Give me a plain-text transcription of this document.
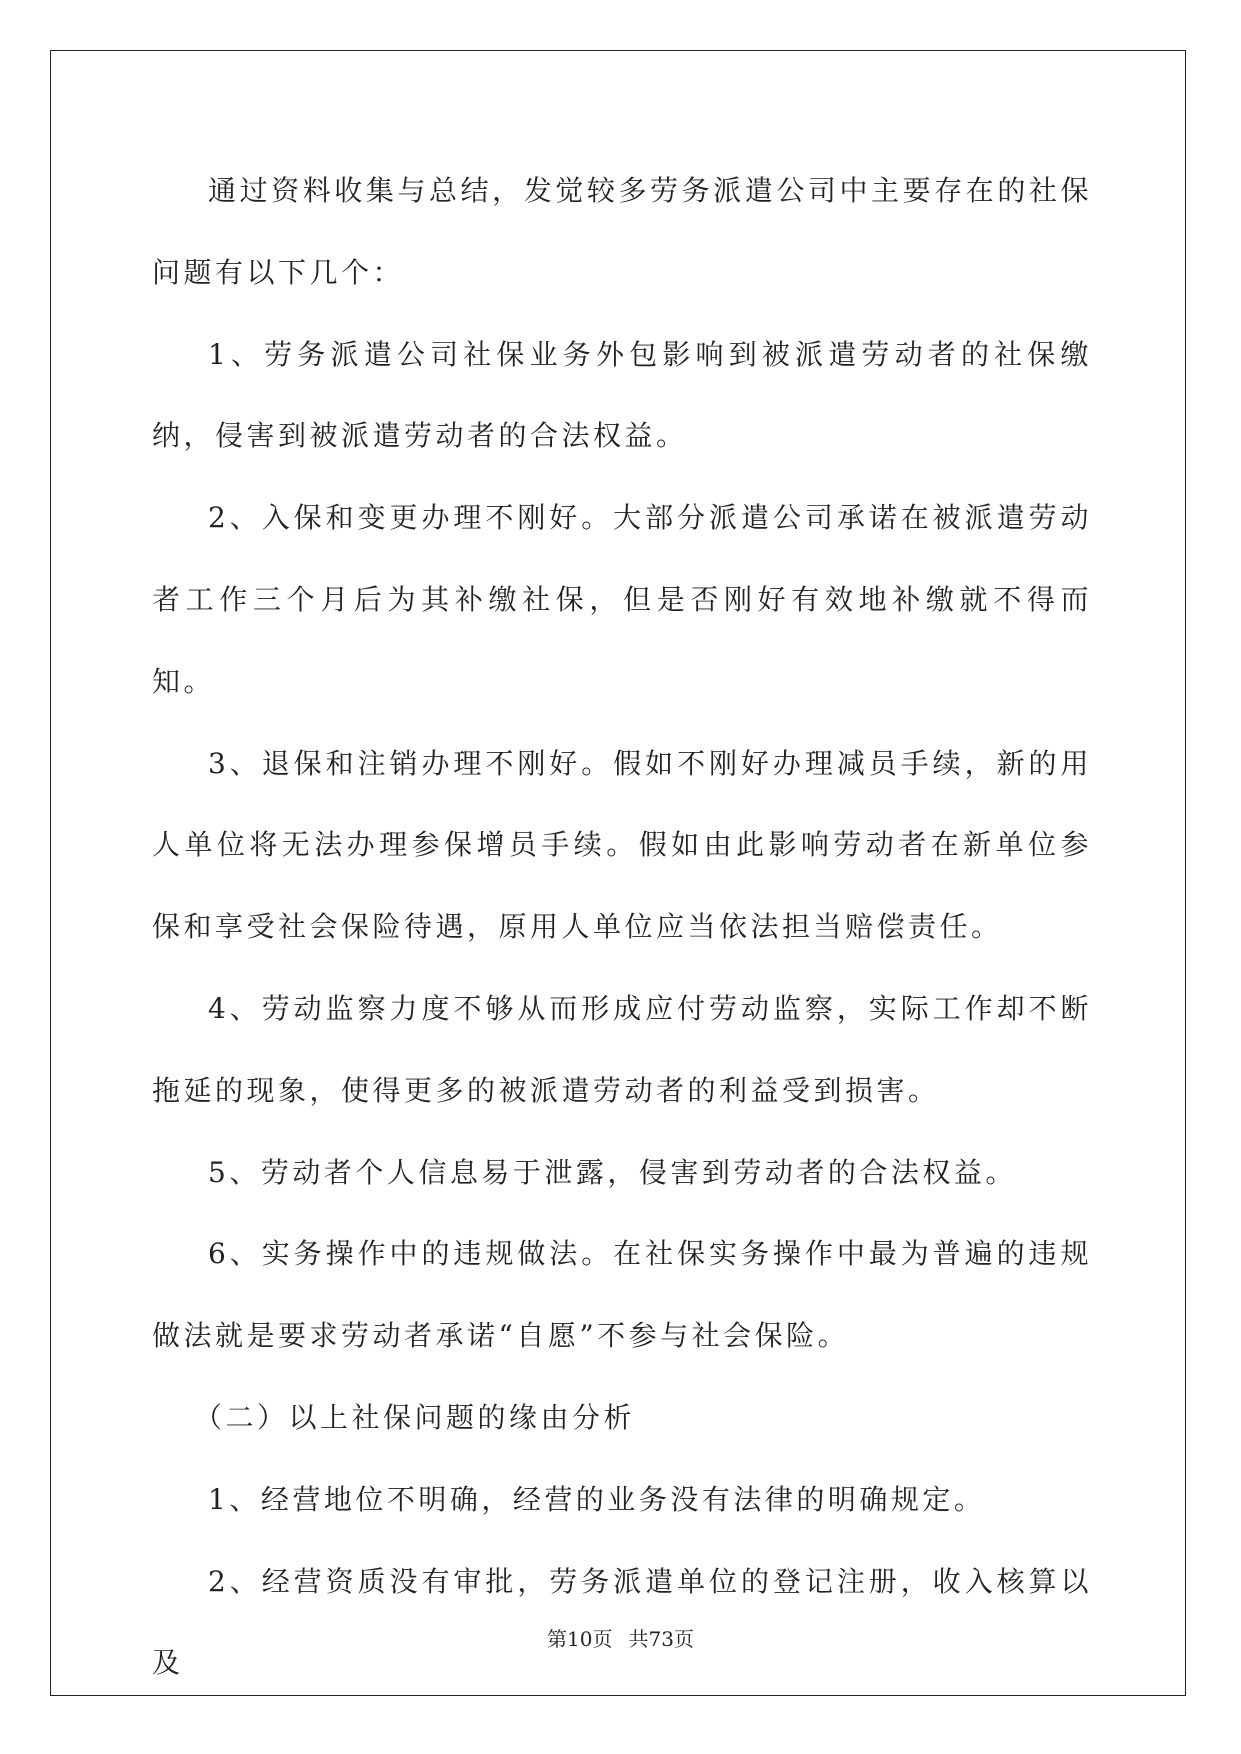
通过资料收集与总结，发觉较多劳务派遣公司中主要存在的社保问题有以下几个：

1、劳务派遣公司社保业务外包影响到被派遣劳动者的社保缴纳，侵害到被派遣劳动者的合法权益。

2、入保和变更办理不刚好。大部分派遣公司承诺在被派遣劳动者工作三个月后为其补缴社保，但是否刚好有效地补缴就不得而知。

3、退保和注销办理不刚好。假如不刚好办理减员手续，新的用人单位将无法办理参保增员手续。假如由此影响劳动者在新单位参保和享受社会保险待遇，原用人单位应当依法担当赔偿责任。

4、劳动监察力度不够从而形成应付劳动监察，实际工作却不断拖延的现象，使得更多的被派遣劳动者的利益受到损害。

5、劳动者个人信息易于泄露，侵害到劳动者的合法权益。

6、实务操作中的违规做法。在社保实务操作中最为普遍的违规做法就是要求劳动者承诺“自愿”不参与社会保险。

（二）以上社保问题的缘由分析

1、经营地位不明确，经营的业务没有法律的明确规定。

2、经营资质没有审批，劳务派遣单位的登记注册，收入核算以及

第10页 共73页
